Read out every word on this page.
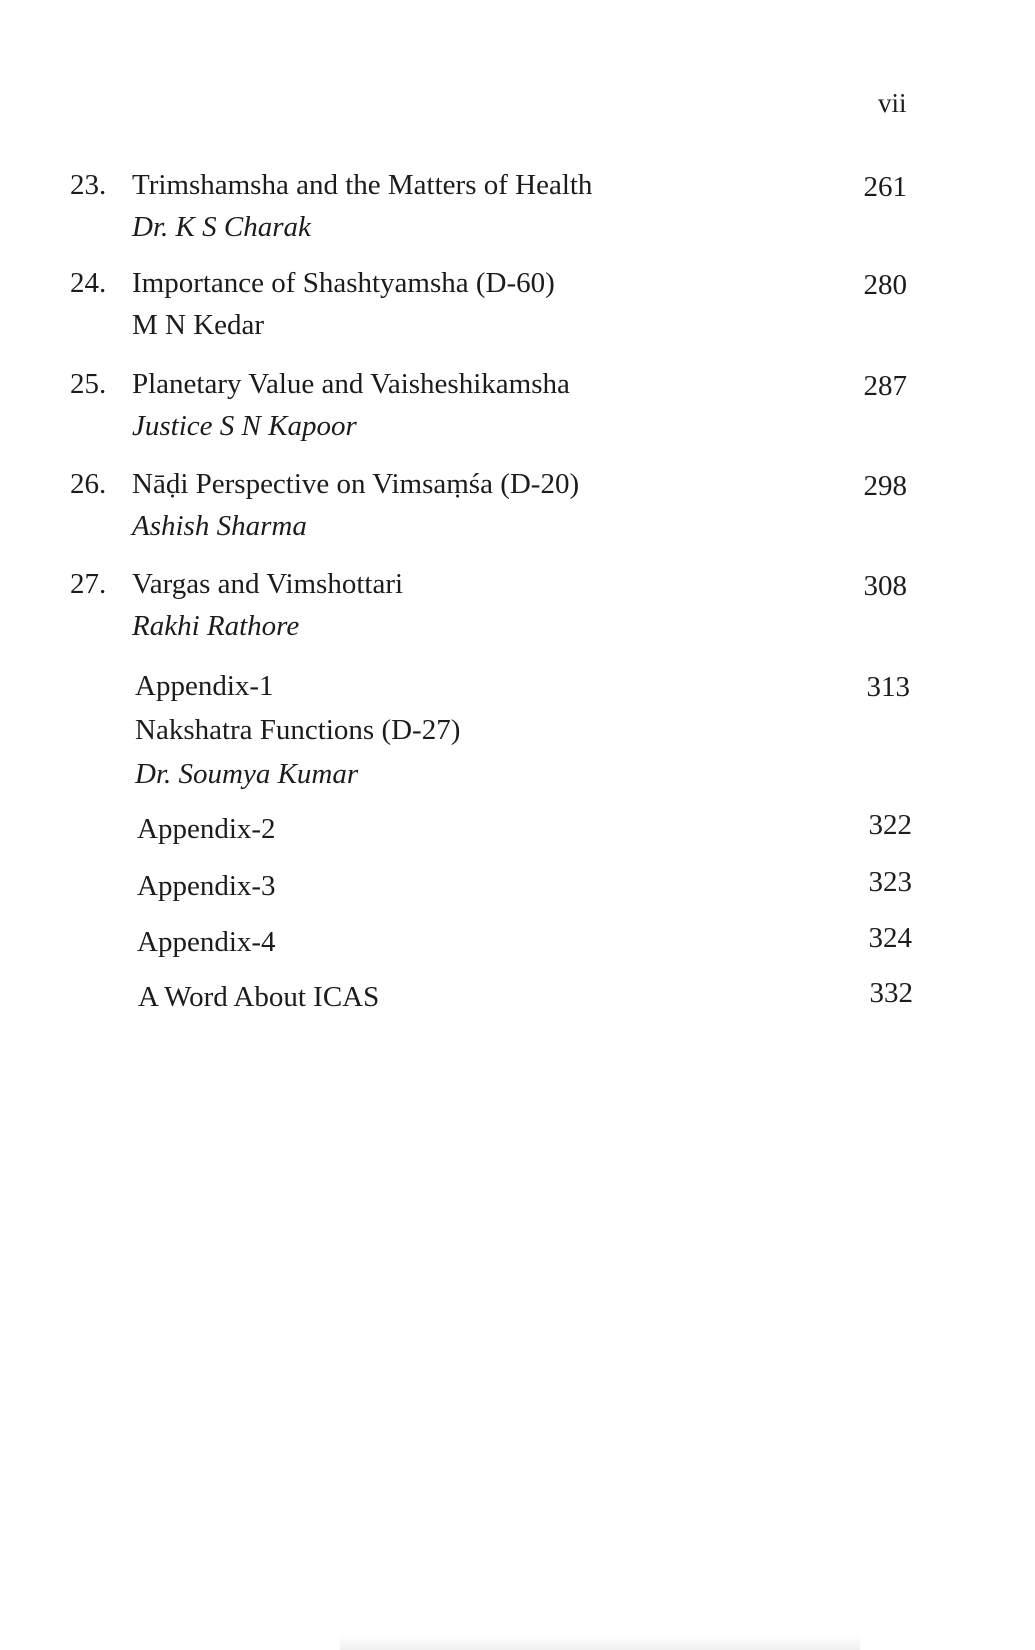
vii
23. Trimshamsha and the Matters of Health
Dr. K S Charak
261
24. Importance of Shashtyamsha (D-60)
M N Kedar
280
25. Planetary Value and Vaisheshikamsha
Justice S N Kapoor
287
26. Nāḍi Perspective on Vimsaṃśa (D-20)
Ashish Sharma
298
27. Vargas and Vimshottari
Rakhi Rathore
308
Appendix-1
Nakshatra Functions (D-27)
Dr. Soumya Kumar
313
Appendix-2	322
Appendix-3	323
Appendix-4	324
A Word About ICAS	332
